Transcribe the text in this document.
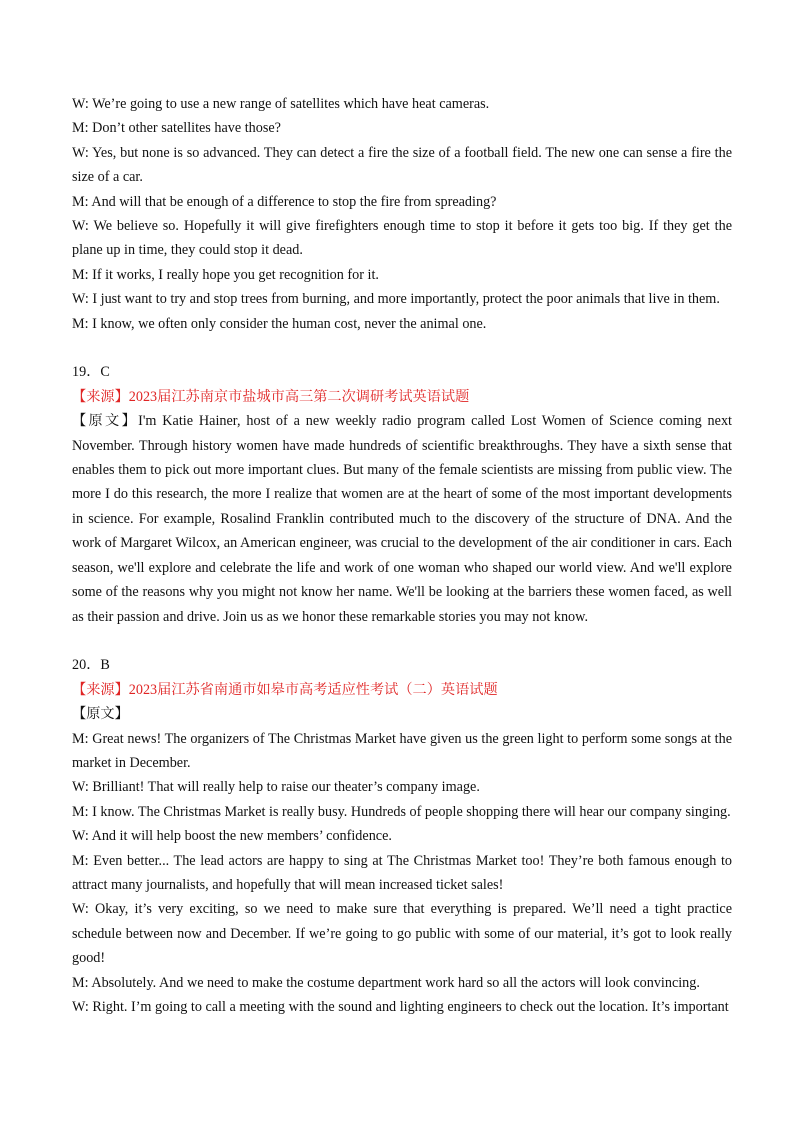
W: We’re going to use a new range of satellites which have heat cameras.

M: Don’t other satellites have those?

W: Yes, but none is so advanced. They can detect a fire the size of a football field. The new one can sense a fire the size of a car.

M: And will that be enough of a difference to stop the fire from spreading?

W: We believe so. Hopefully it will give firefighters enough time to stop it before it gets too big. If they get the plane up in time, they could stop it dead.

M: If it works, I really hope you get recognition for it.

W: I just want to try and stop trees from burning, and more importantly, protect the poor animals that live in them.

M: I know, we often only consider the human cost, never the animal one.

19．C

【来源】2023届江苏南京市盐城市高三第二次调研考试英语试题

【原文】I'm Katie Hainer, host of a new weekly radio program called Lost Women of Science coming next November. Through history women have made hundreds of scientific breakthroughs. They have a sixth sense that enables them to pick out more important clues. But many of the female scientists are missing from public view. The more I do this research, the more I realize that women are at the heart of some of the most important developments in science. For example, Rosalind Franklin contributed much to the discovery of the structure of DNA. And the work of Margaret Wilcox, an American engineer, was crucial to the development of the air conditioner in cars. Each season, we'll explore and celebrate the life and work of one woman who shaped our world view. And we'll explore some of the reasons why you might not know her name. We'll be looking at the barriers these women faced, as well as their passion and drive. Join us as we honor these remarkable stories you may not know.

20．B

【来源】2023届江苏省南通市如皋市高考适应性考试（二）英语试题

【原文】

M: Great news! The organizers of The Christmas Market have given us the green light to perform some songs at the market in December.

W: Brilliant! That will really help to raise our theater’s company image.

M: I know. The Christmas Market is really busy. Hundreds of people shopping there will hear our company singing.

W: And it will help boost the new members’ confidence.

M: Even better... The lead actors are happy to sing at The Christmas Market too! They’re both famous enough to attract many journalists, and hopefully that will mean increased ticket sales!

W: Okay, it’s very exciting, so we need to make sure that everything is prepared. We’ll need a tight practice schedule between now and December. If we’re going to go public with some of our material, it’s got to look really good!

M: Absolutely. And we need to make the costume department work hard so all the actors will look convincing.

W: Right. I’m going to call a meeting with the sound and lighting engineers to check out the location. It’s important
